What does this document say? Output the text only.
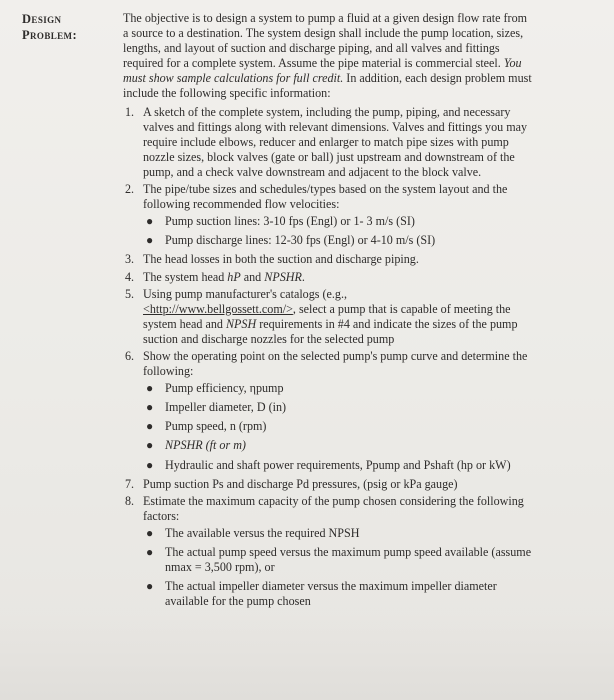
Design
Problem:

The objective is to design a system to pump a fluid at a given design flow rate from a source to a destination. The system design shall include the pump location, sizes, lengths, and layout of suction and discharge piping, and all valves and fittings required for a complete system. Assume the pipe material is commercial steel. You must show sample calculations for full credit. In addition, each design problem must include the following specific information:

1. A sketch of the complete system, including the pump, piping, and necessary valves and fittings along with relevant dimensions. Valves and fittings you may require include elbows, reducer and enlarger to match pipe sizes with pump nozzle sizes, block valves (gate or ball) just upstream and downstream of the pump, and a check valve downstream and adjacent to the block valve.
2. The pipe/tube sizes and schedules/types based on the system layout and the following recommended flow velocities:
● Pump suction lines: 3-10 fps (Engl) or 1- 3 m/s (SI)
● Pump discharge lines: 12-30 fps (Engl) or 4-10 m/s (SI)
3. The head losses in both the suction and discharge piping.
4. The system head hP and NPSHR.
5. Using pump manufacturer's catalogs (e.g.,
<http://www.bellgossett.com/>, select a pump that is capable of meeting the system head and NPSH requirements in #4 and indicate the sizes of the pump suction and discharge nozzles for the selected pump
6. Show the operating point on the selected pump's pump curve and determine the following:
● Pump efficiency, ηpump
● Impeller diameter, D (in)
● Pump speed, n (rpm)
● NPSHR (ft or m)
● Hydraulic and shaft power requirements, Ppump and Pshaft (hp or kW)
7. Pump suction Ps and discharge Pd pressures, (psig or kPa gauge)
8. Estimate the maximum capacity of the pump chosen considering the following factors:
● The available versus the required NPSH
● The actual pump speed versus the maximum pump speed available (assume nmax = 3,500 rpm), or
● The actual impeller diameter versus the maximum impeller diameter available for the pump chosen
